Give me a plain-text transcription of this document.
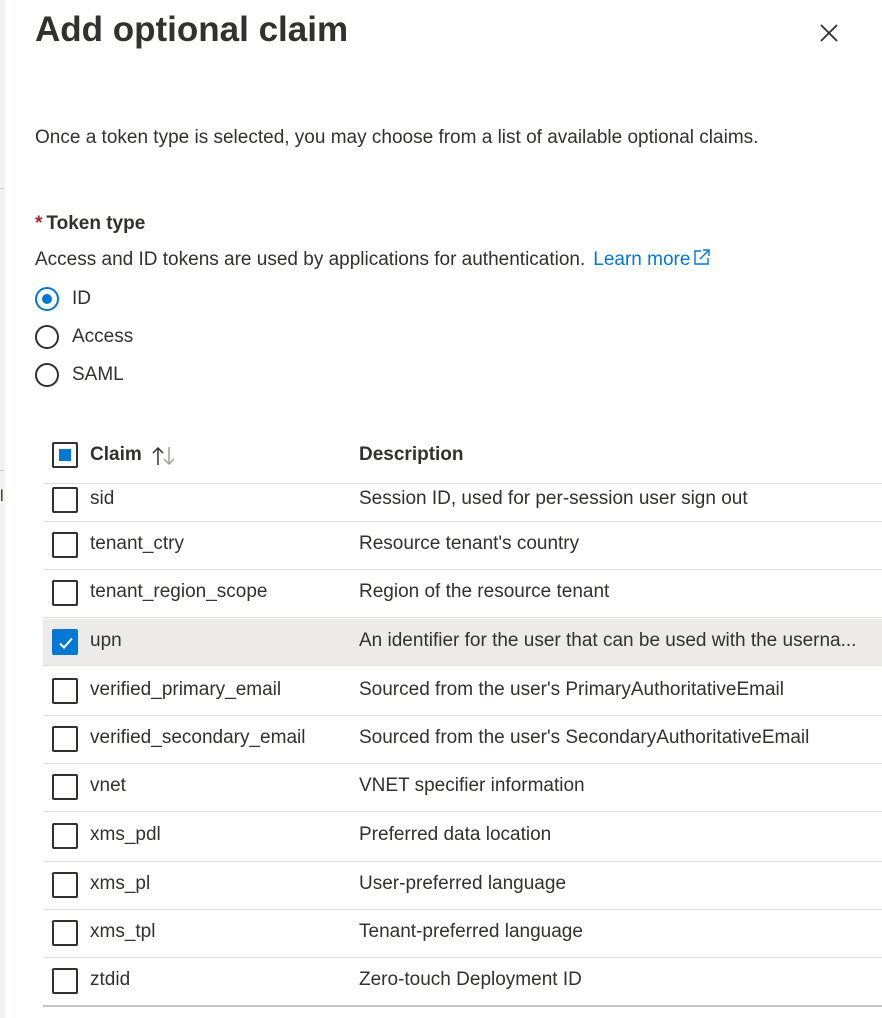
l
Add optional claim
Once a token type is selected, you may choose from a list of available optional claims.
* Token type
Access and ID tokens are used by applications for authentication. Learn more
ID
Access
SAML
Claim	Description
sid	Session ID, used for per-session user sign out
tenant_ctry	Resource tenant's country
tenant_region_scope	Region of the resource tenant
upn	An identifier for the user that can be used with the userna...
verified_primary_email	Sourced from the user's PrimaryAuthoritativeEmail
verified_secondary_email	Sourced from the user's SecondaryAuthoritativeEmail
vnet	VNET specifier information
xms_pdl	Preferred data location
xms_pl	User-preferred language
xms_tpl	Tenant-preferred language
ztdid	Zero-touch Deployment ID
